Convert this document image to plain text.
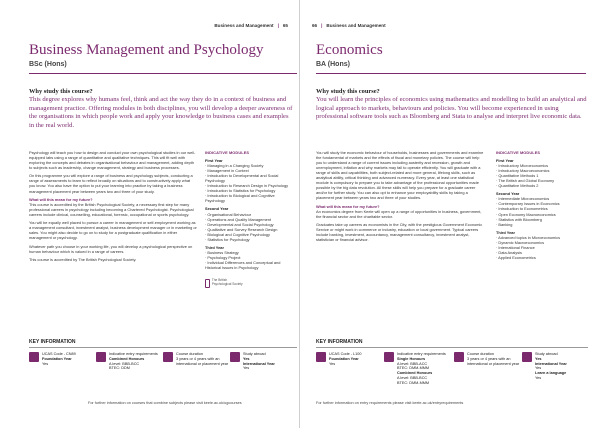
Business and Management | 65
Business Management and Psychology
BSc (Hons)
Why study this course?
This degree explores why humans feel, think and act the way they do in a context of business and management practice. Offering modules in both disciplines, you will develop a deeper awareness of the organisations in which people work and apply your knowledge to business cases and examples in the real world.

Psychology will teach you how to design and conduct your own psychological studies in our well-equipped labs using a range of quantitative and qualitative techniques. This will fit well with exploring the concepts and debates in organisational behaviour and management, adding depth to subjects such as leadership, change management, strategy and business processes.

On this programme you will explore a range of business and psychology subjects, conducting a range of assessments to learn to reflect broadly on situations and to constructively apply what you know. You also have the option to put your learning into practice by taking a business management placement year between years two and three of your study.

What will this mean for my future?

This course is accredited by the British Psychological Society, a necessary first step for many professional careers in psychology including becoming a Chartered Psychologist. Psychological careers include clinical, counselling, educational, forensic, occupational or sports psychology.

You will be equally well placed to pursue a career in management or self-employment working as a management consultant, investment analyst, business development manager or in marketing or sales. You might also decide to go on to study for a postgraduate qualification in either management or psychology.

Whatever path you choose in your working life, you will develop a psychological perspective on human behaviour which is valued in a range of careers.

This course is accredited by The British Psychological Society.

INDICATIVE MODULES
First Year
· Managing in a Changing Society
· Management in Context
· Introduction to Developmental and Social Psychology
· Introduction to Research Design in Psychology
· Introduction to Statistics for Psychology
· Introduction to Biological and Cognitive Psychology
Second Year
· Organisational Behaviour
· Operations and Quality Management
· Developmental and Social Psychology
· Qualitative and Survey Research Design
· Biological and Cognitive Psychology
· Statistics for Psychology
Third Year
· Business Strategy
· Psychology Project
· Individual Differences and Conceptual and Historical Issues in Psychology
The British Psychological Society
KEY INFORMATION
UCAS Code - CN89
Foundation Year
Yes
Indicative entry requirements
Combined Honours
A level: BBB-BCC
BTEC: DDM
Course duration
3 years or 4 years with an international or placement year
Study abroad
Yes
International Year
Yes
For further information on courses that combine subjects please visit keele.ac.uk/ugcourses
66 | Business and Management
Economics
BA (Hons)
Why study this course?
You will learn the principles of economics using mathematics and modelling to build an analytical and logical approach to markets, behaviours and policies. You will become experienced in using professional software tools such as Bloomberg and Stata to analyse and interpret live economic data.

You will study the economic behaviour of households, businesses and governments and examine the fundamental of markets and the effects of fiscal and monetary policies. The course will help you to understand a range of current issues including austerity and recession, growth and unemployment, inflation and why markets may fail to operate efficiently. You will graduate with a range of skills and capabilities, both subject-related and more general, lifelong skills, such as analytical ability, critical thinking and advanced numeracy. Every year, at least one statistical module is compulsory to prepare you to take advantage of the professional opportunities made possible by the big data revolution. All these skills will help you prepare for a graduate career and/or for further study. You can also opt to enhance your employability skills by taking a placement year between years two and three of your studies.

What will this mean for my future?

An economics degree from Keele will open up a range of opportunities in business, government, the financial sector and the charitable sector.

Graduates take up careers as economists in the City, with the prestigious Government Economic Service or might work in commerce or industry, education or local government. Typical careers include banking, investment, accountancy, management consultancy, investment analyst, statistician or financial advisor.

INDICATIVE MODULES
First Year
· Introductory Microeconomics
· Introductory Macroeconomics
· Quantitative Methods 1
· The British and Global Economy
· Quantitative Methods 2
Second Year
· Intermediate Microeconomics
· Contemporary Issues in Economics
· Introduction to Econometrics
· Open Economy Macroeconomics
· Statistics with Bloomberg
· Banking
Third Year
· Advanced topics in Microeconomics
· Dynamic Macroeconomics
· International Finance
· Data Analysis
· Applied Econometrics
KEY INFORMATION
UCAS Code - L100
Foundation Year
Yes
Indicative entry requirements
Single Honours
A level: BBB-ACC
BTEC: DMM-MMM
Combined Honours
A level: BBB-BCC
BTEC: DMM-MMM
Course duration
3 years or 4 years with an international or placement year
Study abroad
Yes
International Year
Yes
Learn a language
Yes
For further information on entry requirements please visit keele.ac.uk/entryrequirements
